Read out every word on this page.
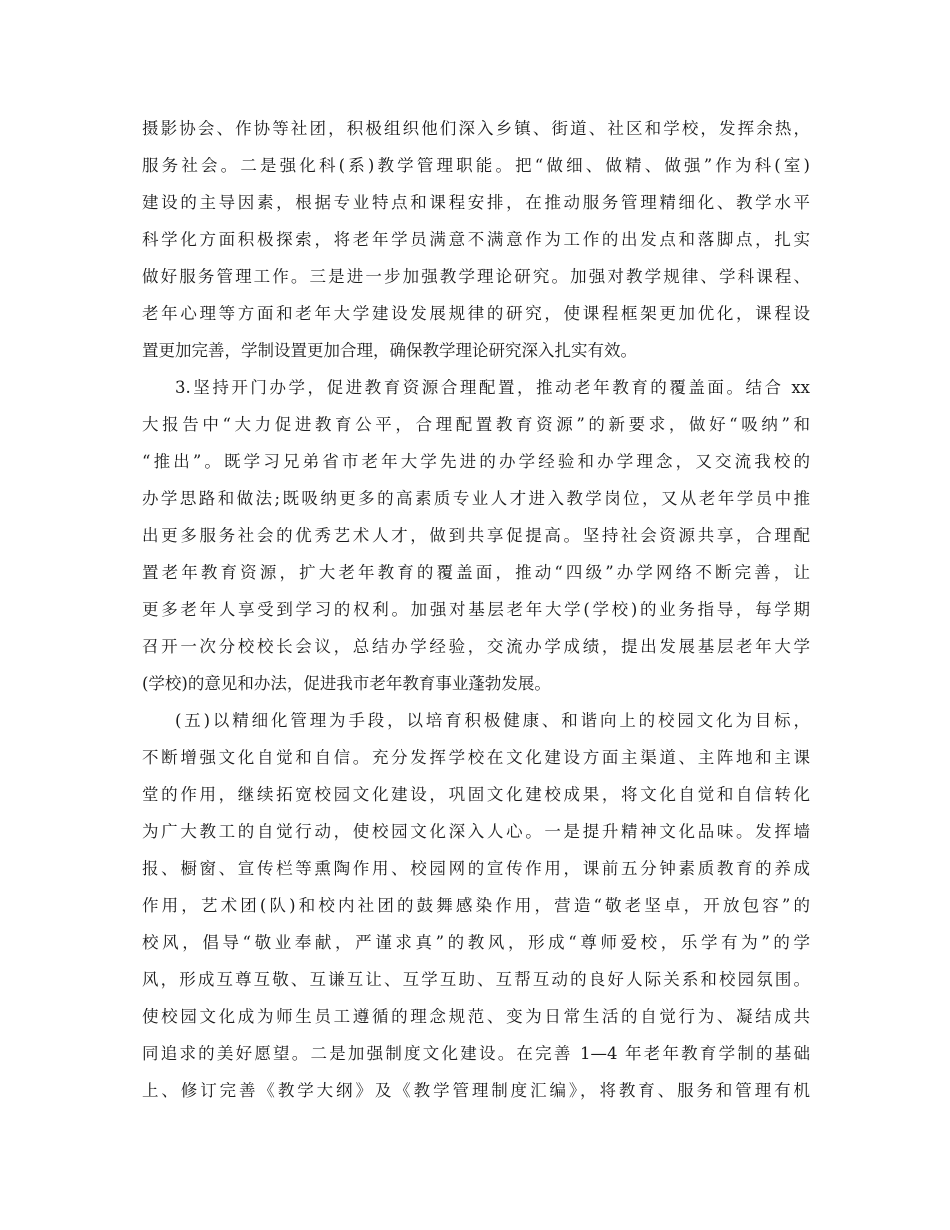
摄影协会、作协等社团，积极组织他们深入乡镇、街道、社区和学校，发挥余热，
服务社会。二是强化科(系)教学管理职能。把“做细、做精、做强”作为科(室)
建设的主导因素，根据专业特点和课程安排，在推动服务管理精细化、教学水平
科学化方面积极探索，将老年学员满意不满意作为工作的出发点和落脚点，扎实
做好服务管理工作。三是进一步加强教学理论研究。加强对教学规律、学科课程、
老年心理等方面和老年大学建设发展规律的研究，使课程框架更加优化，课程设
置更加完善，学制设置更加合理，确保教学理论研究深入扎实有效。
3.坚持开门办学，促进教育资源合理配置，推动老年教育的覆盖面。结合 xx
大报告中“大力促进教育公平，合理配置教育资源”的新要求，做好“吸纳”和
“推出”。既学习兄弟省市老年大学先进的办学经验和办学理念，又交流我校的
办学思路和做法;既吸纳更多的高素质专业人才进入教学岗位，又从老年学员中推
出更多服务社会的优秀艺术人才，做到共享促提高。坚持社会资源共享，合理配
置老年教育资源，扩大老年教育的覆盖面，推动“四级”办学网络不断完善，让
更多老年人享受到学习的权利。加强对基层老年大学(学校)的业务指导，每学期
召开一次分校校长会议，总结办学经验，交流办学成绩，提出发展基层老年大学
(学校)的意见和办法，促进我市老年教育事业蓬勃发展。
(五)以精细化管理为手段，以培育积极健康、和谐向上的校园文化为目标，
不断增强文化自觉和自信。充分发挥学校在文化建设方面主渠道、主阵地和主课
堂的作用，继续拓宽校园文化建设，巩固文化建校成果，将文化自觉和自信转化
为广大教工的自觉行动，使校园文化深入人心。一是提升精神文化品味。发挥墙
报、橱窗、宣传栏等熏陶作用、校园网的宣传作用，课前五分钟素质教育的养成
作用，艺术团(队)和校内社团的鼓舞感染作用，营造“敬老坚卓，开放包容”的
校风，倡导“敬业奉献，严谨求真”的教风，形成“尊师爱校，乐学有为”的学
风，形成互尊互敬、互谦互让、互学互助、互帮互动的良好人际关系和校园氛围。
使校园文化成为师生员工遵循的理念规范、变为日常生活的自觉行为、凝结成共
同追求的美好愿望。二是加强制度文化建设。在完善 1—4 年老年教育学制的基础
上、修订完善《教学大纲》及《教学管理制度汇编》，将教育、服务和管理有机
